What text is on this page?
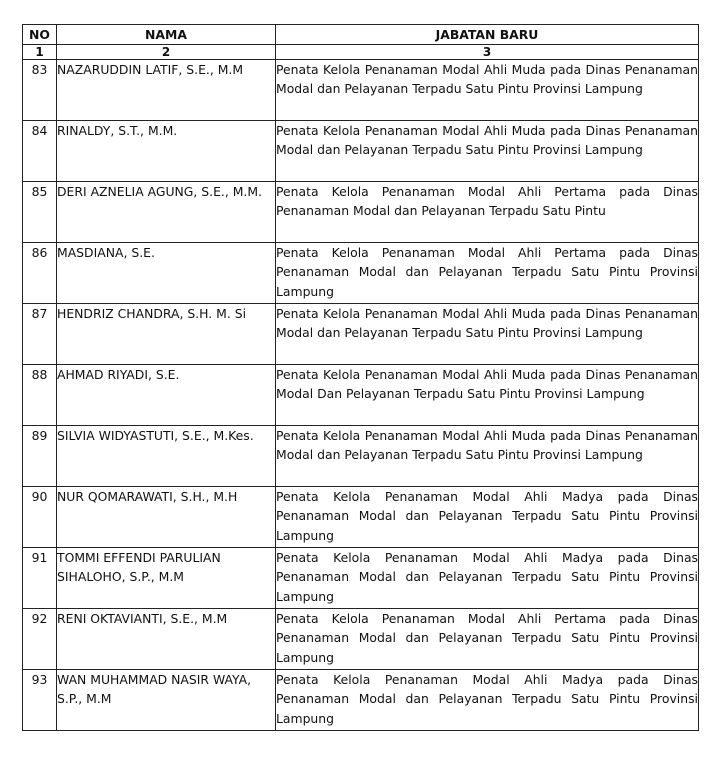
NO	NAMA	JABATAN BARU
1	2	3
83	NAZARUDDIN LATIF, S.E., M.M	Penata Kelola Penanaman Modal Ahli Muda pada Dinas Penanaman Modal dan Pelayanan Terpadu Satu Pintu Provinsi Lampung
84	RINALDY, S.T., M.M.	Penata Kelola Penanaman Modal Ahli Muda pada Dinas Penanaman Modal dan Pelayanan Terpadu Satu Pintu Provinsi Lampung
85	DERI AZNELIA AGUNG, S.E., M.M.	Penata Kelola Penanaman Modal Ahli Pertama pada Dinas Penanaman Modal dan Pelayanan Terpadu Satu Pintu
86	MASDIANA, S.E.	Penata Kelola Penanaman Modal Ahli Pertama pada Dinas Penanaman Modal dan Pelayanan Terpadu Satu Pintu Provinsi Lampung
87	HENDRIZ CHANDRA, S.H. M. Si	Penata Kelola Penanaman Modal Ahli Muda pada Dinas Penanaman Modal dan Pelayanan Terpadu Satu Pintu Provinsi Lampung
88	AHMAD RIYADI, S.E.	Penata Kelola Penanaman Modal Ahli Muda pada Dinas Penanaman Modal Dan Pelayanan Terpadu Satu Pintu Provinsi Lampung
89	SILVIA WIDYASTUTI, S.E., M.Kes.	Penata Kelola Penanaman Modal Ahli Muda pada Dinas Penanaman Modal dan Pelayanan Terpadu Satu Pintu Provinsi Lampung
90	NUR QOMARAWATI, S.H., M.H	Penata Kelola Penanaman Modal Ahli Madya pada Dinas Penanaman Modal dan Pelayanan Terpadu Satu Pintu Provinsi Lampung
91	TOMMI EFFENDI PARULIAN SIHALOHO, S.P., M.M	Penata Kelola Penanaman Modal Ahli Madya pada Dinas Penanaman Modal dan Pelayanan Terpadu Satu Pintu Provinsi Lampung
92	RENI OKTAVIANTI, S.E., M.M	Penata Kelola Penanaman Modal Ahli Pertama pada Dinas Penanaman Modal dan Pelayanan Terpadu Satu Pintu Provinsi Lampung
93	WAN MUHAMMAD NASIR WAYA, S.P., M.M	Penata Kelola Penanaman Modal Ahli Madya pada Dinas Penanaman Modal dan Pelayanan Terpadu Satu Pintu Provinsi Lampung
